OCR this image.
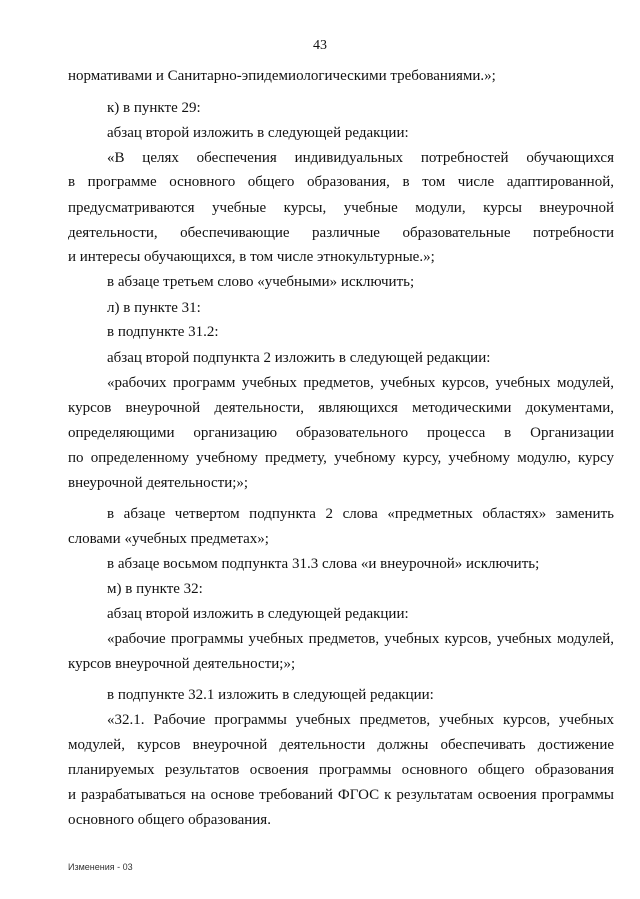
43
нормативами и Санитарно-эпидемиологическими требованиями.»;
к) в пункте 29:
абзац второй изложить в следующей редакции:
«В целях обеспечения индивидуальных потребностей обучающихся
в программе основного общего образования, в том числе адаптированной,
предусматриваются учебные курсы, учебные модули, курсы внеурочной
деятельности, обеспечивающие различные образовательные потребности
и интересы обучающихся, в том числе этнокультурные.»;
в абзаце третьем слово «учебными» исключить;
л) в пункте 31:
в подпункте 31.2:
абзац второй подпункта 2 изложить в следующей редакции:
«рабочих программ учебных предметов, учебных курсов, учебных модулей,
курсов внеурочной деятельности, являющихся методическими документами,
определяющими организацию образовательного процесса в Организации
по определенному учебному предмету, учебному курсу, учебному модулю, курсу
внеурочной деятельности;»;
в абзаце четвертом подпункта 2 слова «предметных областях» заменить
словами «учебных предметах»;
в абзаце восьмом подпункта 31.3 слова «и внеурочной» исключить;
м) в пункте 32:
абзац второй изложить в следующей редакции:
«рабочие программы учебных предметов, учебных курсов, учебных модулей,
курсов внеурочной деятельности;»;
в подпункте 32.1 изложить в следующей редакции:
«32.1. Рабочие программы учебных предметов, учебных курсов, учебных
модулей, курсов внеурочной деятельности должны обеспечивать достижение
планируемых результатов освоения программы основного общего образования
и разрабатываться на основе требований ФГОС к результатам освоения программы
основного общего образования.
Изменения - 03
